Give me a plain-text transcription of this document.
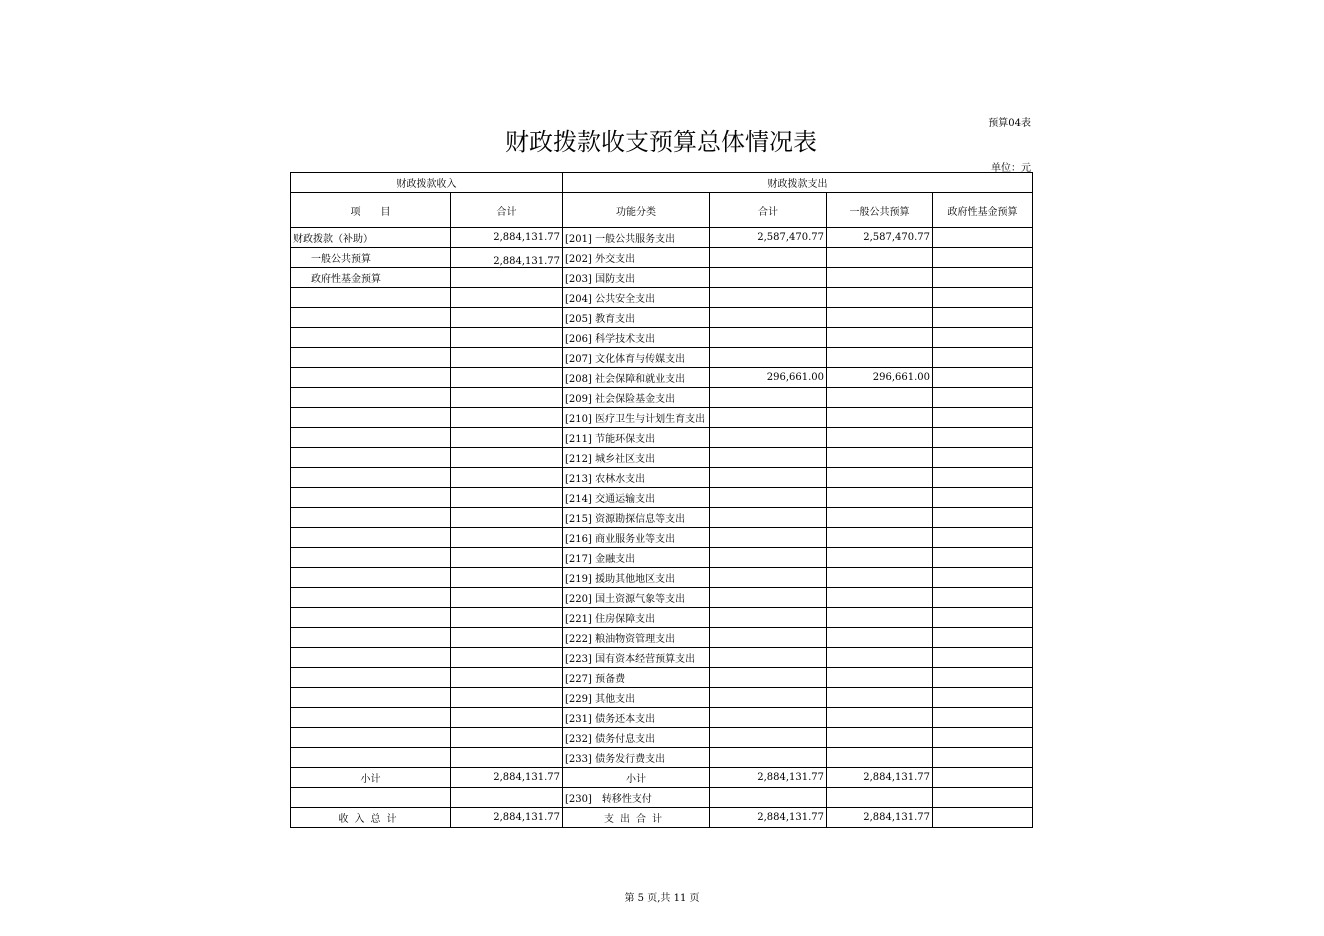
预算04表
财政拨款收支预算总体情况表
单位：元
财政拨款收入		财政拨款支出			
项　　目	合计	功能分类	合计	一般公共预算	政府性基金预算
财政拨款（补助）	2,884,131.77	[201] 一般公共服务支出	2,587,470.77	2,587,470.77	
一般公共预算	2,884,131.77	[202] 外交支出			
政府性基金预算		[203] 国防支出			
		[204] 公共安全支出			
		[205] 教育支出			
		[206] 科学技术支出			
		[207] 文化体育与传媒支出			
		[208] 社会保障和就业支出	296,661.00	296,661.00	
		[209] 社会保险基金支出			
		[210] 医疗卫生与计划生育支出			
		[211] 节能环保支出			
		[212] 城乡社区支出			
		[213] 农林水支出			
		[214] 交通运输支出			
		[215] 资源勘探信息等支出			
		[216] 商业服务业等支出			
		[217] 金融支出			
		[219] 援助其他地区支出			
		[220] 国土资源气象等支出			
		[221] 住房保障支出			
		[222] 粮油物资管理支出			
		[223] 国有资本经营预算支出			
		[227] 预备费			
		[229] 其他支出			
		[231] 债务还本支出			
		[232] 债务付息支出			
		[233] 债务发行费支出			
小计	2,884,131.77	小计	2,884,131.77	2,884,131.77	
		[230]　转移性支付			
收入总计	2,884,131.77	支出合计	2,884,131.77	2,884,131.77	
第 5 页,共 11 页
